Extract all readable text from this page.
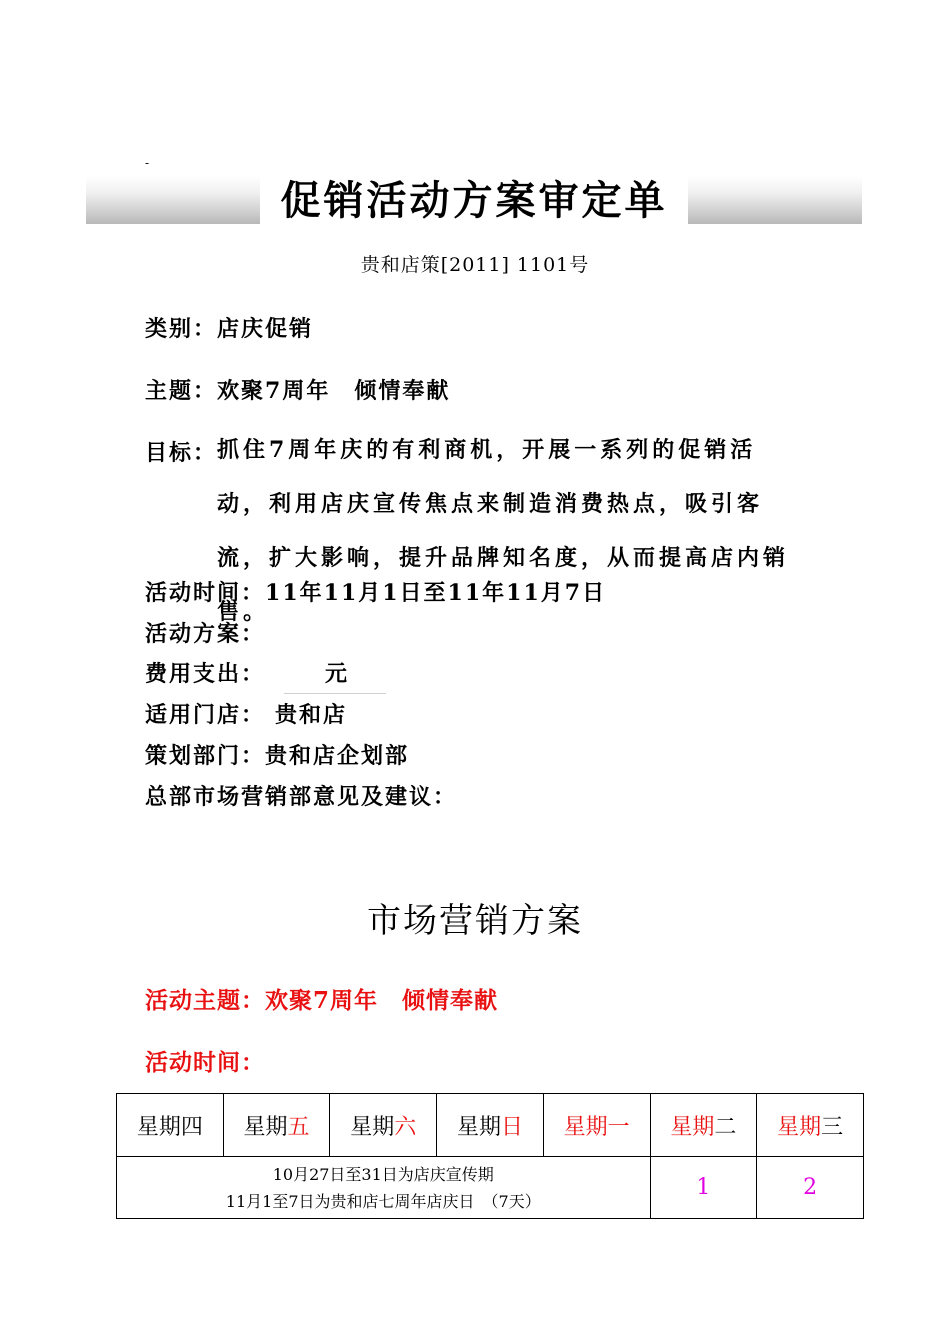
-
促销活动方案审定单
贵和店策[2011] 1101号
类别：店庆促销
主题：欢聚7周年　倾情奉献
目标： 抓住7周年庆的有利商机，开展一系列的促销活动，利用店庆宣传焦点来制造消费热点，吸引客流，扩大影响，提升品牌知名度，从而提高店内销售。
活动时间：11年11月1日至11年11月7日
活动方案：
费用支出：	元
适用门店： 贵和店
策划部门：贵和店企划部
总部市场营销部意见及建议：
市场营销方案
活动主题：欢聚7周年　倾情奉献
活动时间：
星期四	星期五	星期六	星期日	星期一	星期二	星期三

10月27日至31日为店庆宣传期
11月1至7日为贵和店七周年店庆日　（7天）					1	2
